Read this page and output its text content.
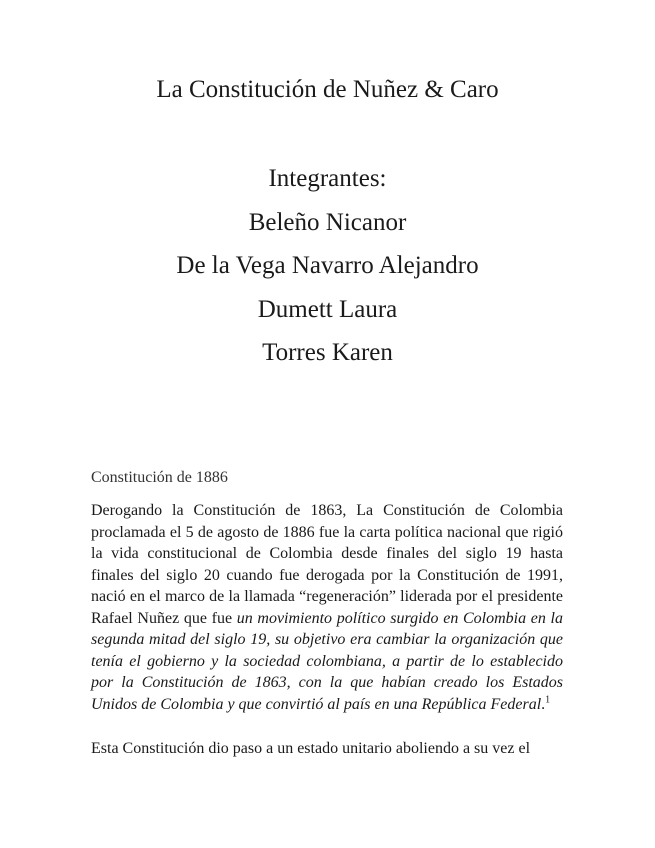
La Constitución de Nuñez & Caro
Integrantes:
Beleño Nicanor
De la Vega Navarro Alejandro
Dumett Laura
Torres Karen
Constitución de 1886

Derogando la Constitución de 1863, La Constitución de Colombia proclamada el 5 de agosto de 1886 fue la carta política nacional que rigió la vida constitucional de Colombia desde finales del siglo 19 hasta finales del siglo 20 cuando fue derogada por la Constitución de 1991, nació en el marco de la llamada “regeneración” liderada por el presidente Rafael Nuñez que fue un movimiento político surgido en Colombia en la segunda mitad del siglo 19, su objetivo era cambiar la organización que tenía el gobierno y la sociedad colombiana, a partir de lo establecido por la Constitución de 1863, con la que habían creado los Estados Unidos de Colombia y que convirtió al país en una República Federal.$^1$

Esta Constitución dio paso a un estado unitario aboliendo a su vez el
